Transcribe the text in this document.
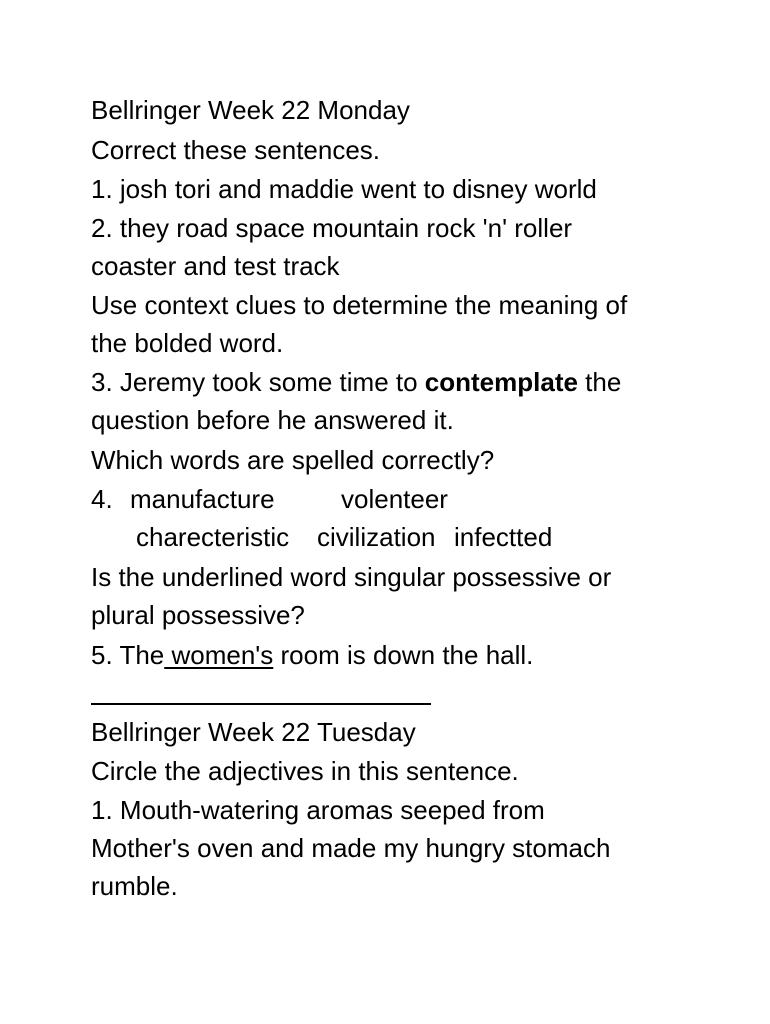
Bellringer Week 22 Monday
Correct these sentences.
1. josh tori and maddie went to disney world
2. they road space mountain rock 'n' roller
coaster and test track
Use context clues to determine the meaning of
the bolded word.
3. Jeremy took some time to contemplate the
question before he answered it.
Which words are spelled correctly?
4. manufacture	volenteer
charecteristic civilization infectted
Is the underlined word singular possessive or
plural possessive?
5. The women's room is down the hall.
Bellringer Week 22 Tuesday
Circle the adjectives in this sentence.
1. Mouth-watering aromas seeped from
Mother's oven and made my hungry stomach
rumble.
